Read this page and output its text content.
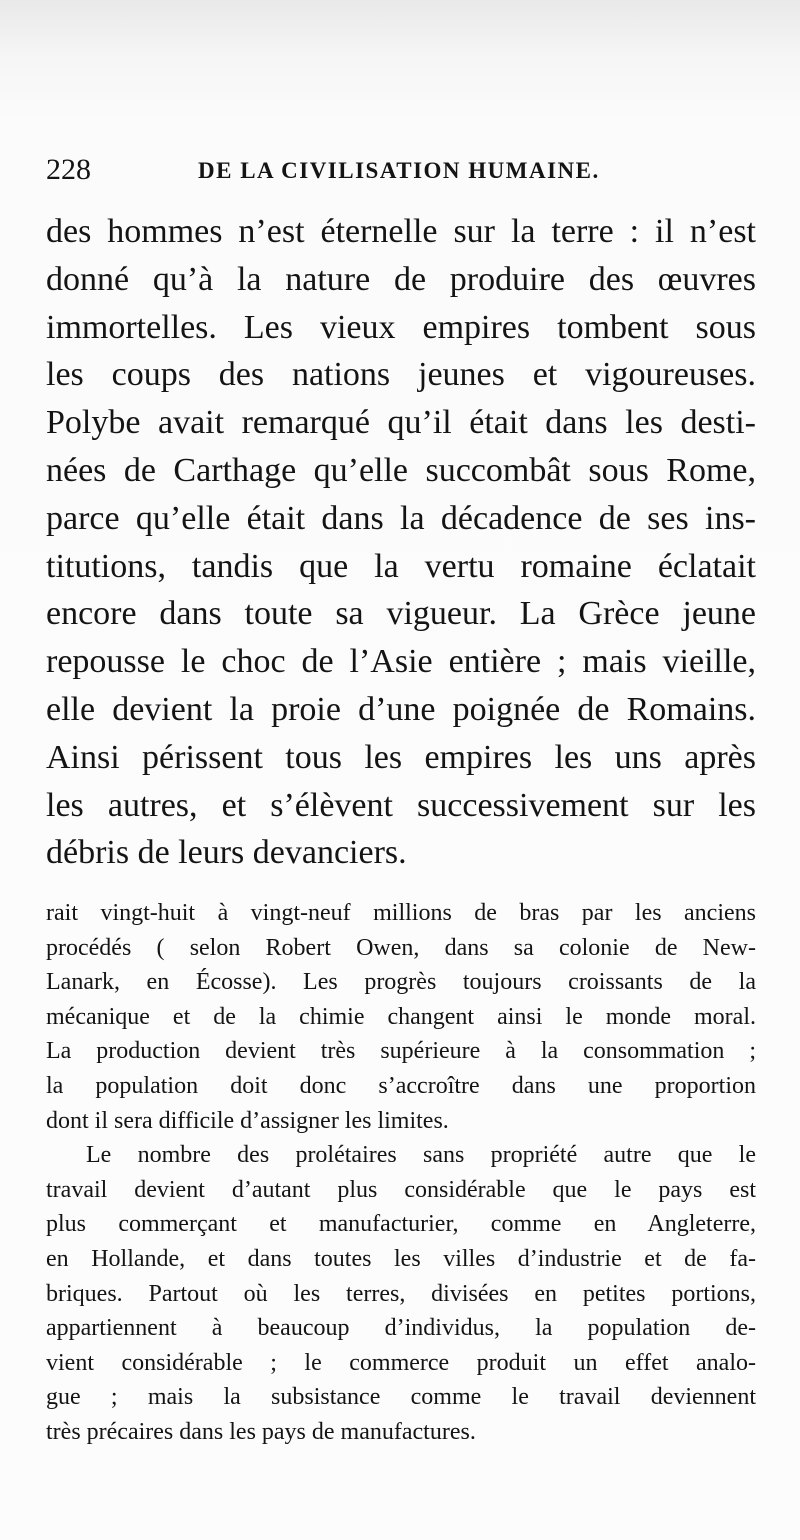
228	DE LA CIVILISATION HUMAINE.
des hommes n’est éternelle sur la terre : il n’est
donné qu’à la nature de produire des œuvres
immortelles. Les vieux empires tombent sous
les coups des nations jeunes et vigoureuses.
Polybe avait remarqué qu’il était dans les desti-
nées de Carthage qu’elle succombât sous Rome,
parce qu’elle était dans la décadence de ses ins-
titutions, tandis que la vertu romaine éclatait
encore dans toute sa vigueur. La Grèce jeune
repousse le choc de l’Asie entière ; mais vieille,
elle devient la proie d’une poignée de Romains.
Ainsi périssent tous les empires les uns après
les autres, et s’élèvent successivement sur les
débris de leurs devanciers.
rait vingt-huit à vingt-neuf millions de bras par les anciens
procédés ( selon Robert Owen, dans sa colonie de New-
Lanark, en Écosse). Les progrès toujours croissants de la
mécanique et de la chimie changent ainsi le monde moral.
La production devient très supérieure à la consommation ;
la population doit donc s’accroître dans une proportion
dont il sera difficile d’assigner les limites.
Le nombre des prolétaires sans propriété autre que le
travail devient d’autant plus considérable que le pays est
plus commerçant et manufacturier, comme en Angleterre,
en Hollande, et dans toutes les villes d’industrie et de fa-
briques. Partout où les terres, divisées en petites portions,
appartiennent à beaucoup d’individus, la population de-
vient considérable ; le commerce produit un effet analo-
gue ; mais la subsistance comme le travail deviennent
très précaires dans les pays de manufactures.
